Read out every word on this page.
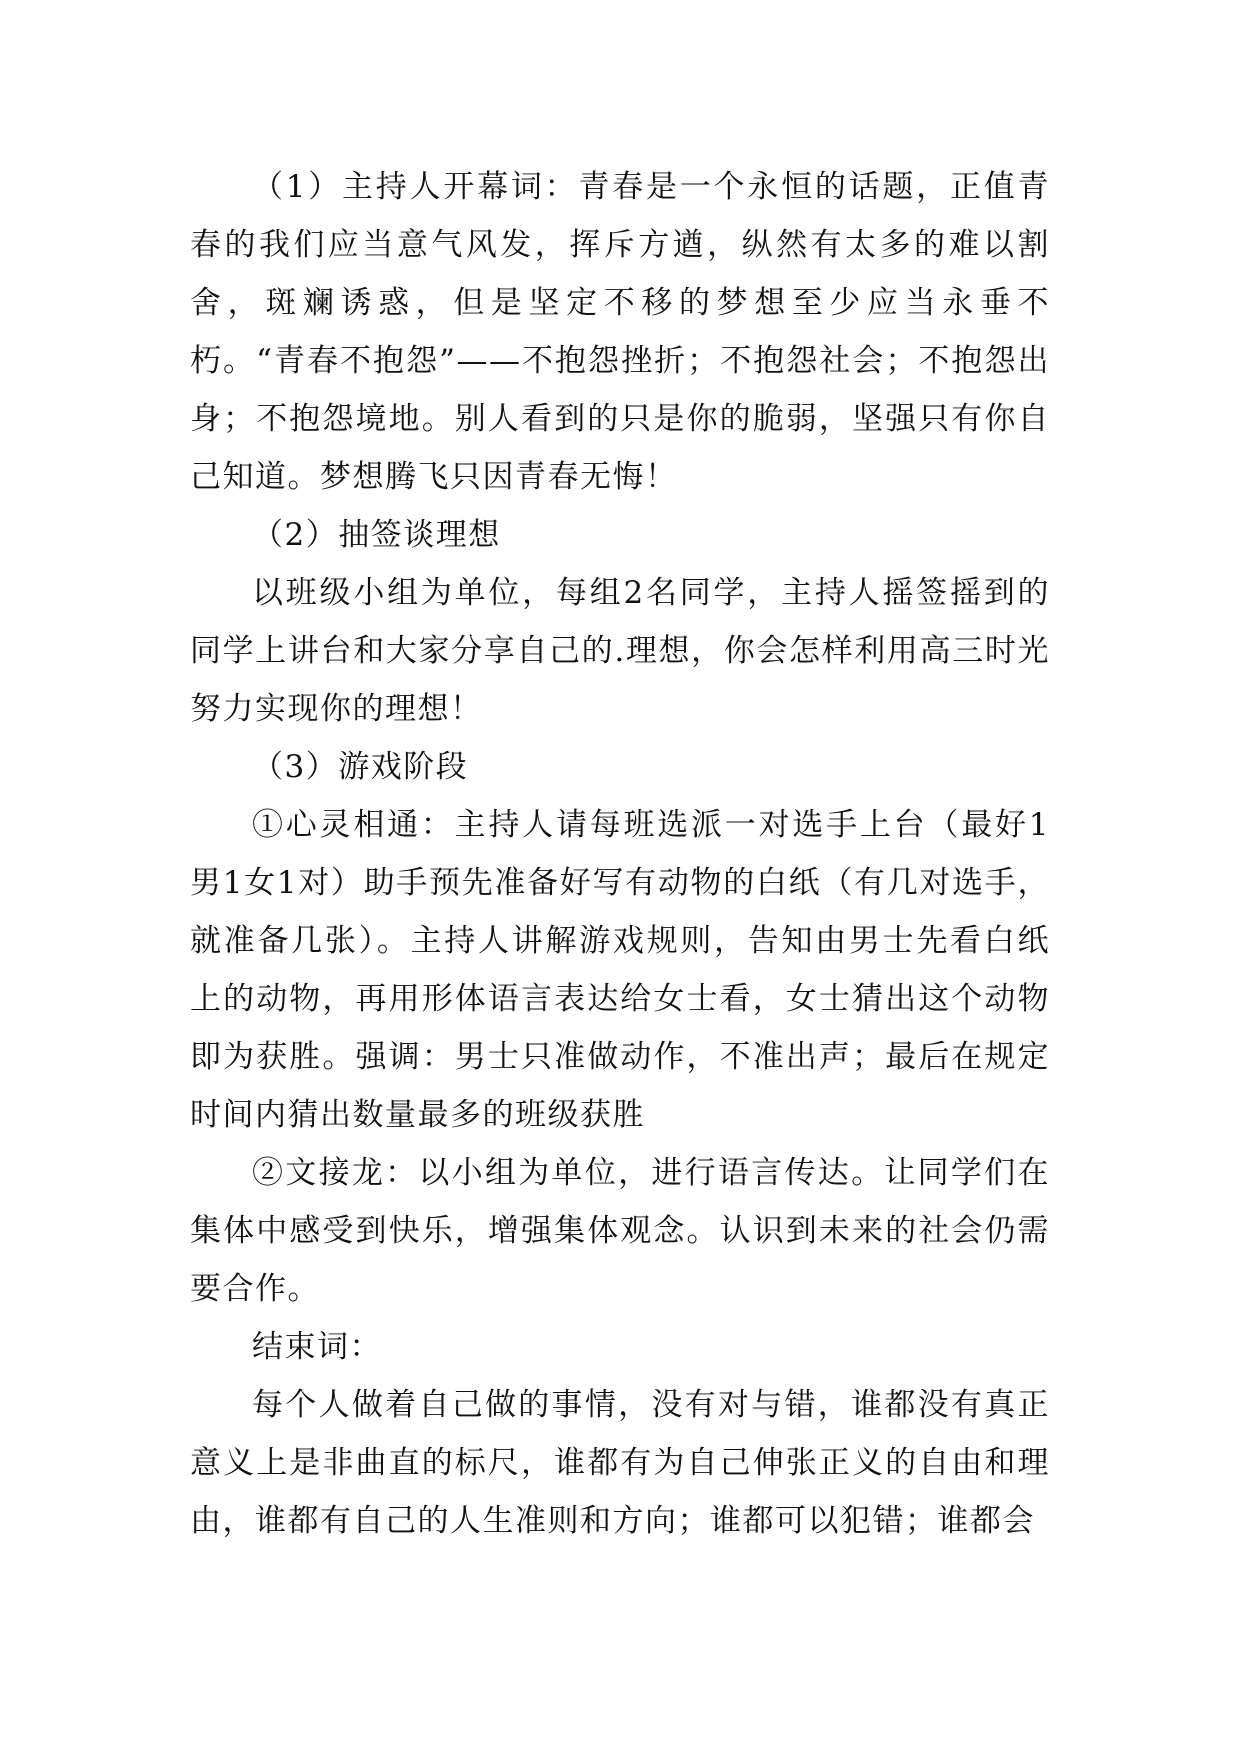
（1）主持人开幕词：青春是一个永恒的话题，正值青春的我们应当意气风发，挥斥方遒，纵然有太多的难以割舍，斑斓诱惑，但是坚定不移的梦想至少应当永垂不朽。“青春不抱怨”——不抱怨挫折；不抱怨社会；不抱怨出身；不抱怨境地。别人看到的只是你的脆弱，坚强只有你自己知道。梦想腾飞只因青春无悔！

（2）抽签谈理想

以班级小组为单位，每组2名同学，主持人摇签摇到的同学上讲台和大家分享自己的.理想，你会怎样利用高三时光努力实现你的理想！

（3）游戏阶段

①心灵相通：主持人请每班选派一对选手上台（最好1男1女1对）助手预先准备好写有动物的白纸（有几对选手，就准备几张）。主持人讲解游戏规则，告知由男士先看白纸上的动物，再用形体语言表达给女士看，女士猜出这个动物即为获胜。强调：男士只准做动作，不准出声；最后在规定时间内猜出数量最多的班级获胜

②文接龙：以小组为单位，进行语言传达。让同学们在集体中感受到快乐，增强集体观念。认识到未来的社会仍需要合作。

结束词：

每个人做着自己做的事情，没有对与错，谁都没有真正意义上是非曲直的标尺，谁都有为自己伸张正义的自由和理由，谁都有自己的人生准则和方向；谁都可以犯错；谁都会
